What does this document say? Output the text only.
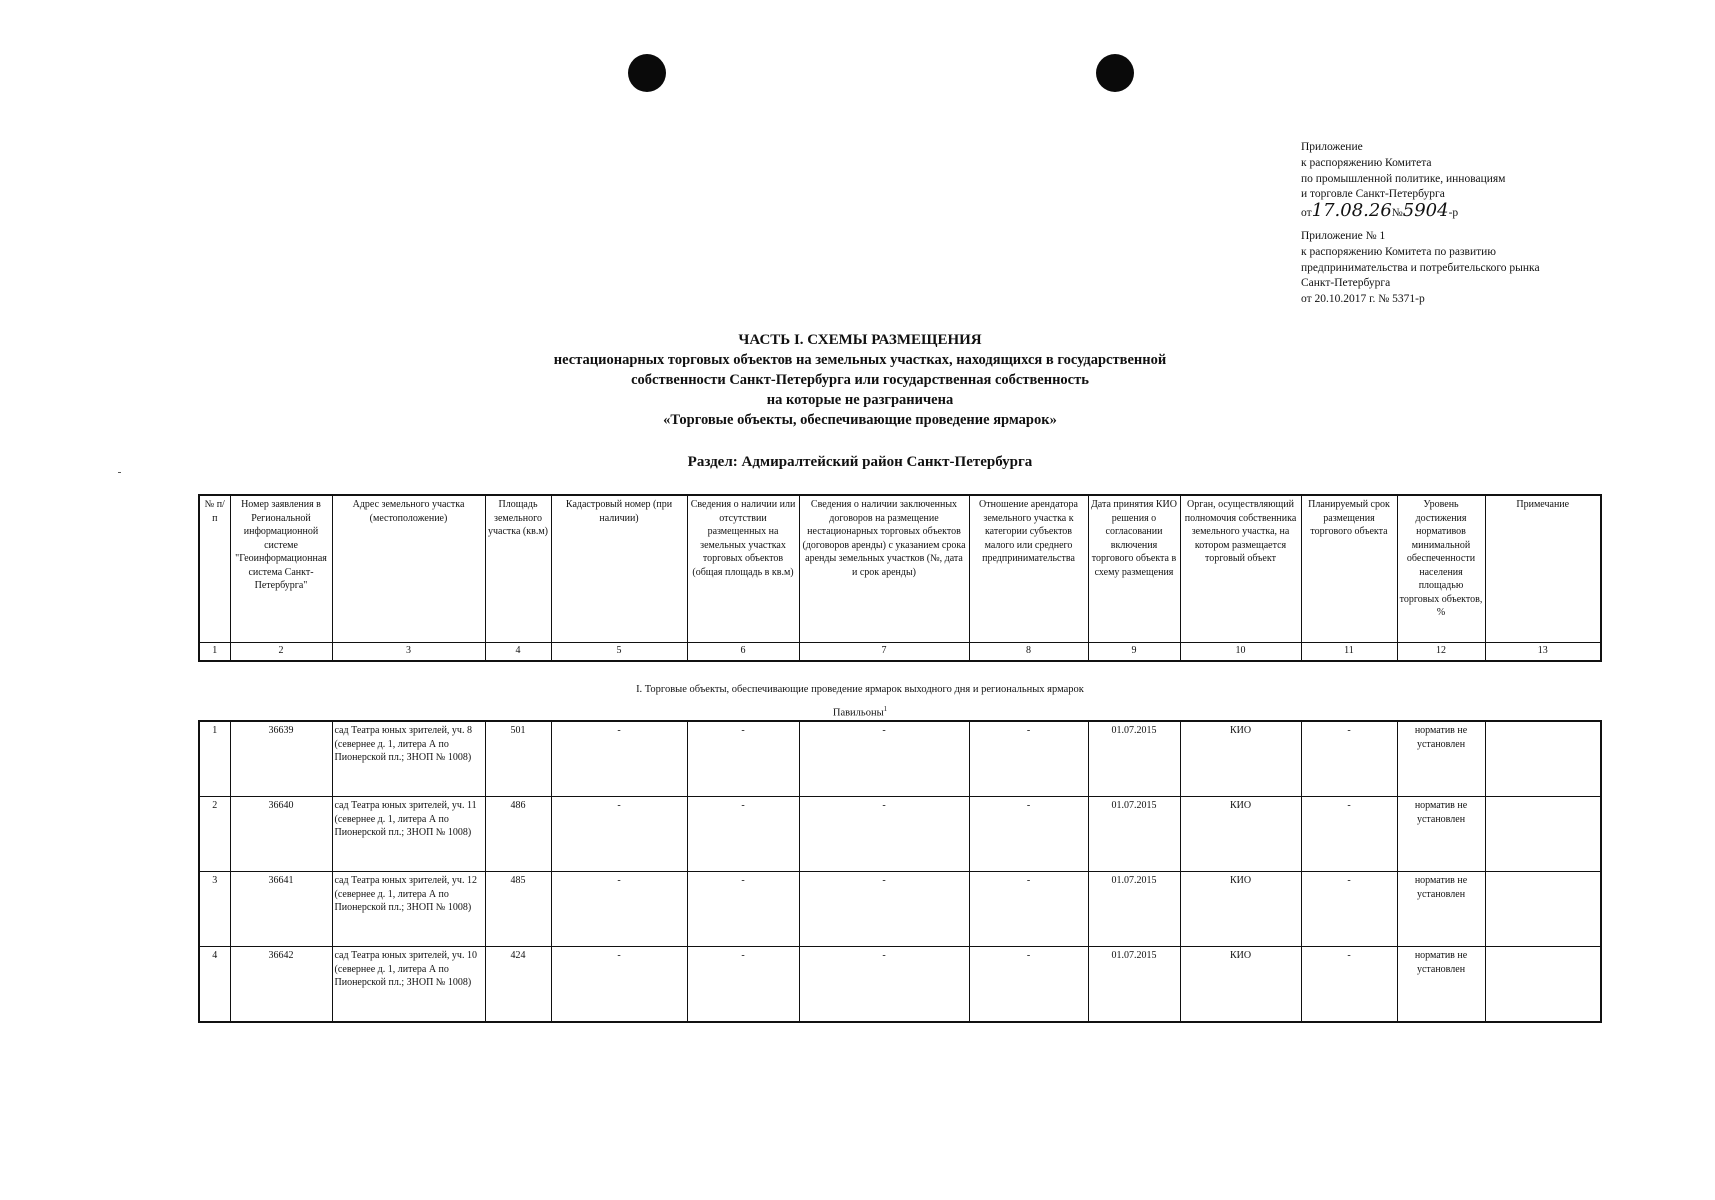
Приложение
к распоряжению Комитета
по промышленной политике, инновациям
и торговле Санкт-Петербурга
от17.08.26№5904-р
Приложение № 1
к распоряжению Комитета по развитию
предпринимательства и потребительского рынка
Санкт-Петербурга
от 20.10.2017 г. № 5371-р
ЧАСТЬ I. СХЕМЫ РАЗМЕЩЕНИЯ
нестационарных торговых объектов на земельных участках, находящихся в государственной
собственности Санкт-Петербурга или государственная собственность
на которые не разграничена
«Торговые объекты, обеспечивающие проведение ярмарок»
Раздел: Адмиралтейский район Санкт-Петербурга
№ п/п	Номер заявления в Региональной информационной системе "Геоинформационная система Санкт-Петербурга"	Адрес земельного участка (местоположение)	Площадь земельного участка (кв.м)	Кадастровый номер (при наличии)	Сведения о наличии или отсутствии размещенных на земельных участках торговых объектов (общая площадь в кв.м)	Сведения о наличии заключенных договоров на размещение нестационарных торговых объектов (договоров аренды) с указанием срока аренды земельных участков (№, дата и срок аренды)	Отношение арендатора земельного участка к категории субъектов малого или среднего предпринимательства	Дата принятия КИО решения о согласовании включения торгового объекта в схему размещения	Орган, осуществляющий полномочия собственника земельного участка, на котором размещается торговый объект	Планируемый срок размещения торгового объекта	Уровень достижения нормативов минимальной обеспеченности населения площадью торговых объектов, %	Примечание
1	2	3	4	5	6	7	8	9	10	11	12	13
I. Торговые объекты, обеспечивающие проведение ярмарок выходного дня и региональных ярмарок
Павильоны$^1$
1	36639	сад Театра юных зрителей, уч. 8 (севернее д. 1, литера А по Пионерской пл.; ЗНОП № 1008)	501	-	-	-	-	01.07.2015	КИО	-	норматив не установлен	
2	36640	сад Театра юных зрителей, уч. 11 (севернее д. 1, литера А по Пионерской пл.; ЗНОП № 1008)	486	-	-	-	-	01.07.2015	КИО	-	норматив не установлен	
3	36641	сад Театра юных зрителей, уч. 12 (севернее д. 1, литера А по Пионерской пл.; ЗНОП № 1008)	485	-	-	-	-	01.07.2015	КИО	-	норматив не установлен	
4	36642	сад Театра юных зрителей, уч. 10 (севернее д. 1, литера А по Пионерской пл.; ЗНОП № 1008)	424	-	-	-	-	01.07.2015	КИО	-	норматив не установлен	
